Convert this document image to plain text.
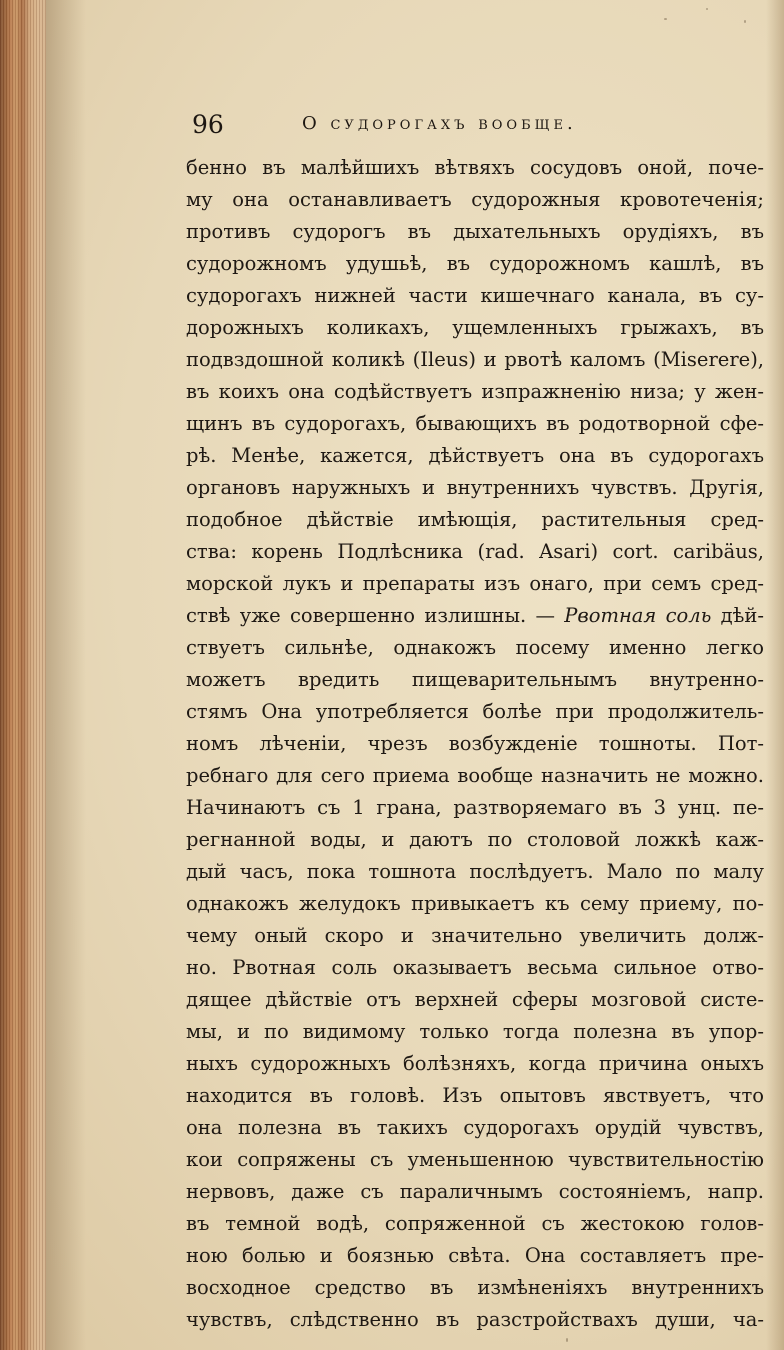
96	О судорогахъ вообще.
бенно въ малѣйшихъ вѣтвяхъ сосудовъ оной, поче-
му она останавливаетъ судорожныя кровотеченія;
противъ судорогъ въ дыхательныхъ орудіяхъ, въ
судорожномъ удушьѣ, въ судорожномъ кашлѣ, въ
судорогахъ нижней части кишечнаго канала, въ су-
дорожныхъ коликахъ, ущемленныхъ грыжахъ, въ
подвздошной коликѣ (Ileus) и рвотѣ каломъ (Miserere),
въ коихъ она содѣйствуетъ изпражненію низа; у жен-
щинъ въ судорогахъ, бывающихъ въ родотворной сфе-
рѣ. Менѣе, кажется, дѣйствуетъ она въ судорогахъ
органовъ наружныхъ и внутреннихъ чувствъ. Другія,
подобное дѣйствіе имѣющія, растительныя сред-
ства: корень Подлѣсника (rad. Asari) cort. caribäus,
морской лукъ и препараты изъ онаго, при семъ сред-
ствѣ уже совершенно излишны. — Рвотная соль дѣй-
ствуетъ сильнѣе, однакожъ посему именно легко
можетъ вредить пищеварительнымъ внутренно-
стямъ Она употребляется болѣе при продолжитель-
номъ лѣченіи, чрезъ возбужденіе тошноты. Пот-
ребнаго для сего приема вообще назначить не можно.
Начинаютъ съ 1 грана, разтворяемаго въ 3 унц. пе-
регнанной воды, и даютъ по столовой ложкѣ каж-
дый часъ, пока тошнота послѣдуетъ. Мало по малу
однакожъ желудокъ привыкаетъ къ сему приему, по-
чему оный скоро и значительно увеличить долж-
но. Рвотная соль оказываетъ весьма сильное отво-
дящее дѣйствіе отъ верхней сферы мозговой систе-
мы, и по видимому только тогда полезна въ упор-
ныхъ судорожныхъ болѣзняхъ, когда причина оныхъ
находится въ головѣ. Изъ опытовъ явствуетъ, что
она полезна въ такихъ судорогахъ орудій чувствъ,
кои сопряжены съ уменьшенною чувствительностію
нервовъ, даже съ параличнымъ состояніемъ, напр.
въ темной водѣ, сопряженной съ жестокою голов-
ною болью и боязнью свѣта. Она составляетъ пре-
восходное средство въ измѣненіяхъ внутреннихъ
чувствъ, слѣдственно въ разстройствахъ души, ча-
